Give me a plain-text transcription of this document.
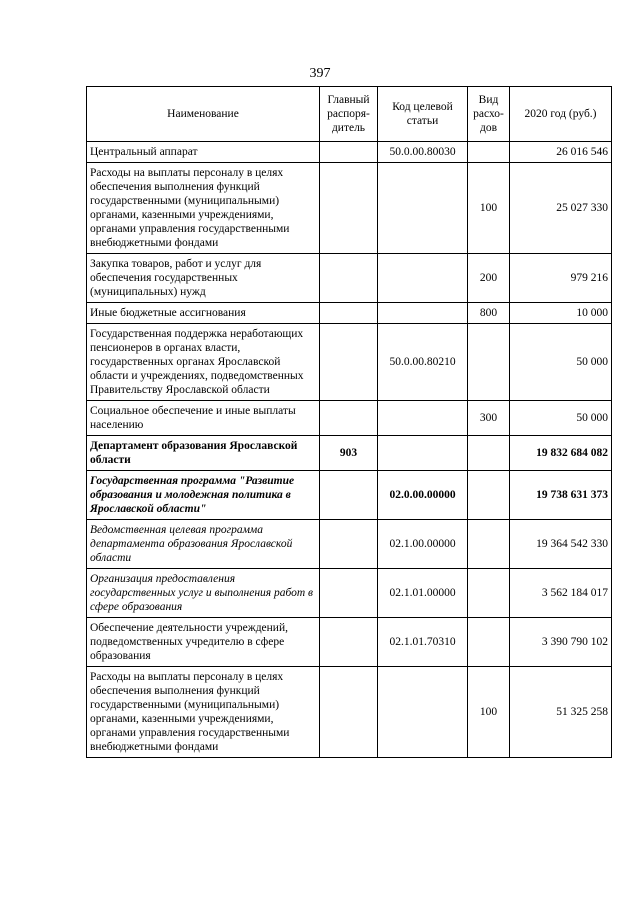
397
Наименование	Главный распоря-дитель	Код целевой статьи	Вид расхо-дов	2020 год (руб.)
Центральный аппарат		50.0.00.80030		26 016 546
Расходы на выплаты персоналу в целях обеспечения выполнения функций государственными (муниципальными) органами, казенными учреждениями, органами управления государственными внебюджетными фондами			100	25 027 330
Закупка товаров, работ и услуг для обеспечения государственных (муниципальных) нужд			200	979 216
Иные бюджетные ассигнования			800	10 000
Государственная поддержка неработающих пенсионеров в органах власти, государственных органах Ярославской области и учреждениях, подведомственных Правительству Ярославской области		50.0.00.80210		50 000
Социальное обеспечение и иные выплаты населению			300	50 000
Департамент образования Ярославской области	903			19 832 684 082
Государственная программа "Развитие образования и молодежная политика в Ярославской области"		02.0.00.00000		19 738 631 373
Ведомственная целевая программа департамента образования Ярославской области		02.1.00.00000		19 364 542 330
Организация предоставления государственных услуг и выполнения работ в сфере образования		02.1.01.00000		3 562 184 017
Обеспечение деятельности учреждений, подведомственных учредителю в сфере образования		02.1.01.70310		3 390 790 102
Расходы на выплаты персоналу в целях обеспечения выполнения функций государственными (муниципальными) органами, казенными учреждениями, органами управления государственными внебюджетными фондами			100	51 325 258
